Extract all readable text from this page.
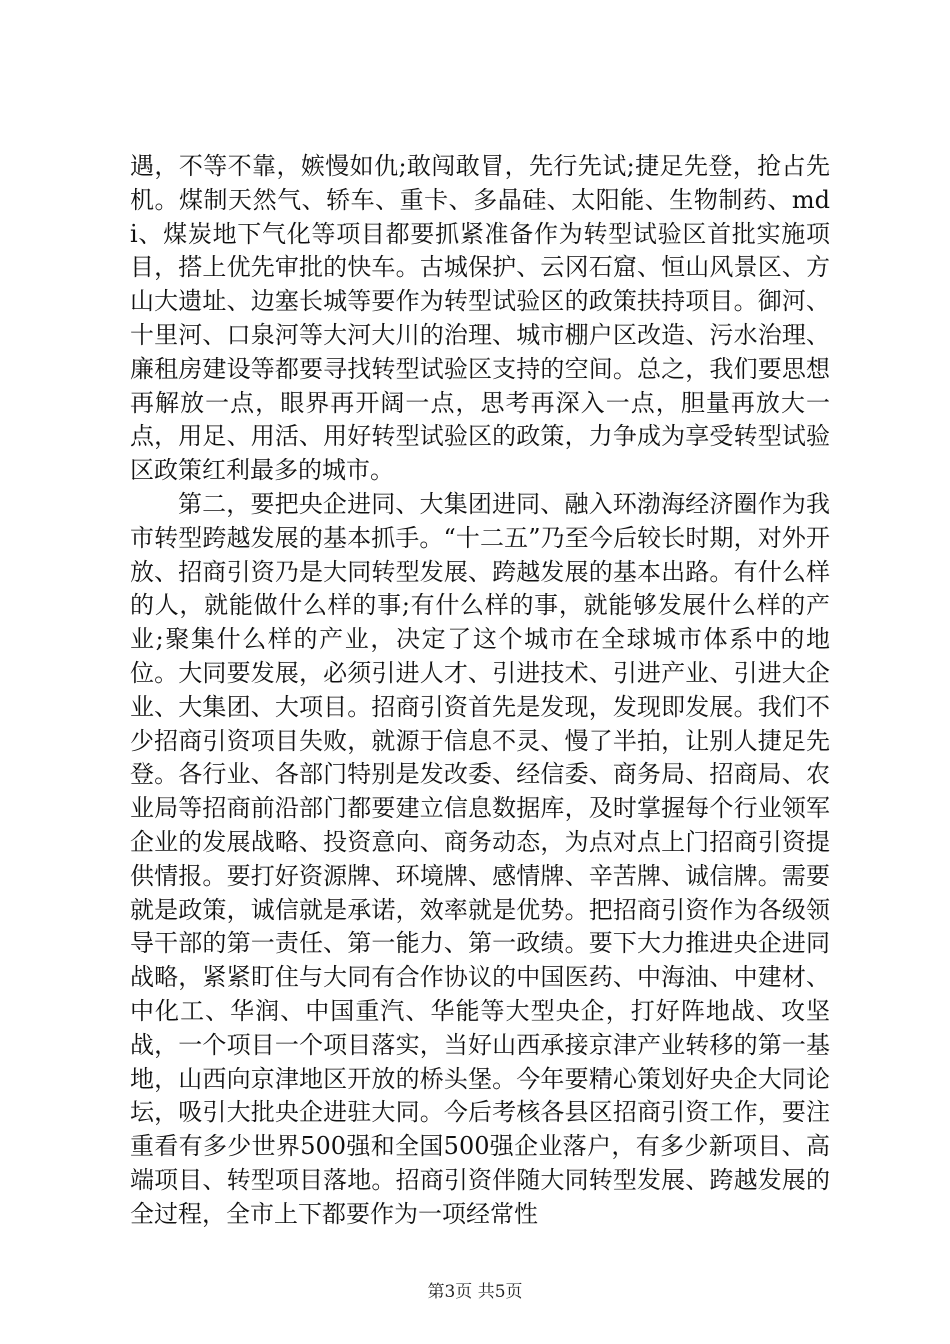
遇，不等不靠，嫉慢如仇;敢闯敢冒，先行先试;捷足先登，抢占先机。煤制天然气、轿车、重卡、多晶硅、太阳能、生物制药、mdi、煤炭地下气化等项目都要抓紧准备作为转型试验区首批实施项目，搭上优先审批的快车。古城保护、云冈石窟、恒山风景区、方山大遗址、边塞长城等要作为转型试验区的政策扶持项目。御河、十里河、口泉河等大河大川的治理、城市棚户区改造、污水治理、廉租房建设等都要寻找转型试验区支持的空间。总之，我们要思想再解放一点，眼界再开阔一点，思考再深入一点，胆量再放大一点，用足、用活、用好转型试验区的政策，力争成为享受转型试验区政策红利最多的城市。

第二，要把央企进同、大集团进同、融入环渤海经济圈作为我市转型跨越发展的基本抓手。“十二五”乃至今后较长时期，对外开放、招商引资乃是大同转型发展、跨越发展的基本出路。有什么样的人，就能做什么样的事;有什么样的事，就能够发展什么样的产业;聚集什么样的产业，决定了这个城市在全球城市体系中的地位。大同要发展，必须引进人才、引进技术、引进产业、引进大企业、大集团、大项目。招商引资首先是发现，发现即发展。我们不少招商引资项目失败，就源于信息不灵、慢了半拍，让别人捷足先登。各行业、各部门特别是发改委、经信委、商务局、招商局、农业局等招商前沿部门都要建立信息数据库，及时掌握每个行业领军企业的发展战略、投资意向、商务动态，为点对点上门招商引资提供情报。要打好资源牌、环境牌、感情牌、辛苦牌、诚信牌。需要就是政策，诚信就是承诺，效率就是优势。把招商引资作为各级领导干部的第一责任、第一能力、第一政绩。要下大力推进央企进同战略，紧紧盯住与大同有合作协议的中国医药、中海油、中建材、中化工、华润、中国重汽、华能等大型央企，打好阵地战、攻坚战，一个项目一个项目落实，当好山西承接京津产业转移的第一基地，山西向京津地区开放的桥头堡。今年要精心策划好央企大同论坛，吸引大批央企进驻大同。今后考核各县区招商引资工作，要注重看有多少世界500强和全国500强企业落户，有多少新项目、高端项目、转型项目落地。招商引资伴随大同转型发展、跨越发展的全过程，全市上下都要作为一项经常性

第3页 共5页
